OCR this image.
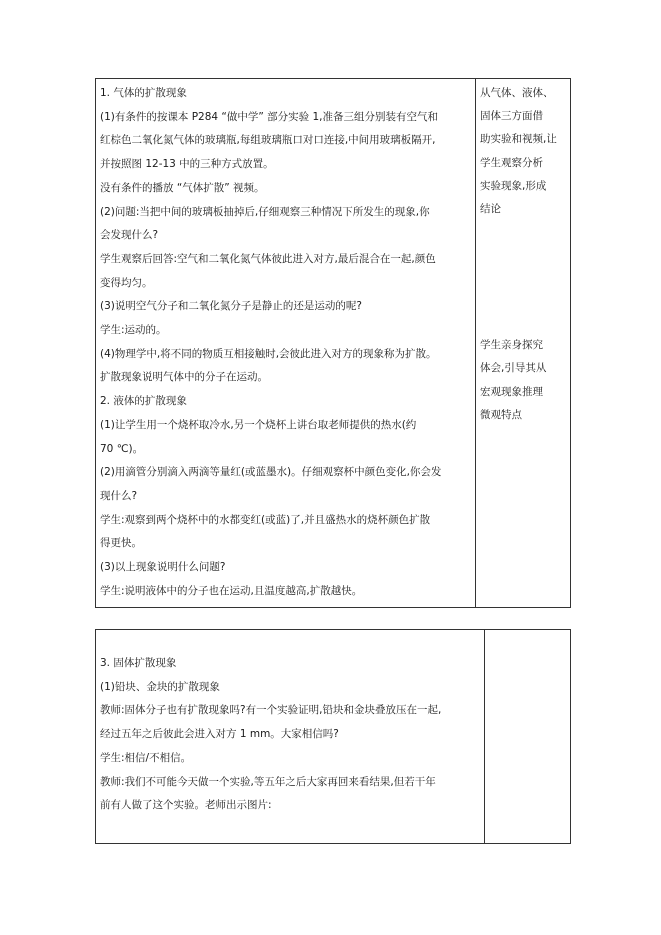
1. 气体的扩散现象
(1)有条件的按课本 P284 “做中学” 部分实验 1,准备三组分别装有空气和
红棕色二氧化氮气体的玻璃瓶,每组玻璃瓶口对口连接,中间用玻璃板隔开,
并按照图 12-13 中的三种方式放置。
没有条件的播放 “气体扩散” 视频。
(2)问题:当把中间的玻璃板抽掉后,仔细观察三种情况下所发生的现象,你
会发现什么?
学生观察后回答:空气和二氧化氮气体彼此进入对方,最后混合在一起,颜色
变得均匀。
(3)说明空气分子和二氧化氮分子是静止的还是运动的呢?
学生:运动的。
(4)物理学中,将不同的物质互相接触时,会彼此进入对方的现象称为扩散。
扩散现象说明气体中的分子在运动。
2. 液体的扩散现象
(1)让学生用一个烧杯取冷水,另一个烧杯上讲台取老师提供的热水(约
70 ℃)。
(2)用滴管分别滴入两滴等量红(或蓝墨水)。仔细观察杯中颜色变化,你会发
现什么?
学生:观察到两个烧杯中的水都变红(或蓝)了,并且盛热水的烧杯颜色扩散
得更快。
(3)以上现象说明什么问题?
学生:说明液体中的分子也在运动,且温度越高,扩散越快。
从气体、液体、
固体三方面借
助实验和视频,让
学生观察分析
实验现象,形成
结论
学生亲身探究
体会,引导其从
宏观现象推理
微观特点
3. 固体扩散现象
(1)铅块、金块的扩散现象
教师:固体分子也有扩散现象吗?有一个实验证明,铅块和金块叠放压在一起,
经过五年之后彼此会进入对方 1 mm。大家相信吗?
学生:相信/不相信。
教师:我们不可能今天做一个实验,等五年之后大家再回来看结果,但若干年
前有人做了这个实验。老师出示图片:
